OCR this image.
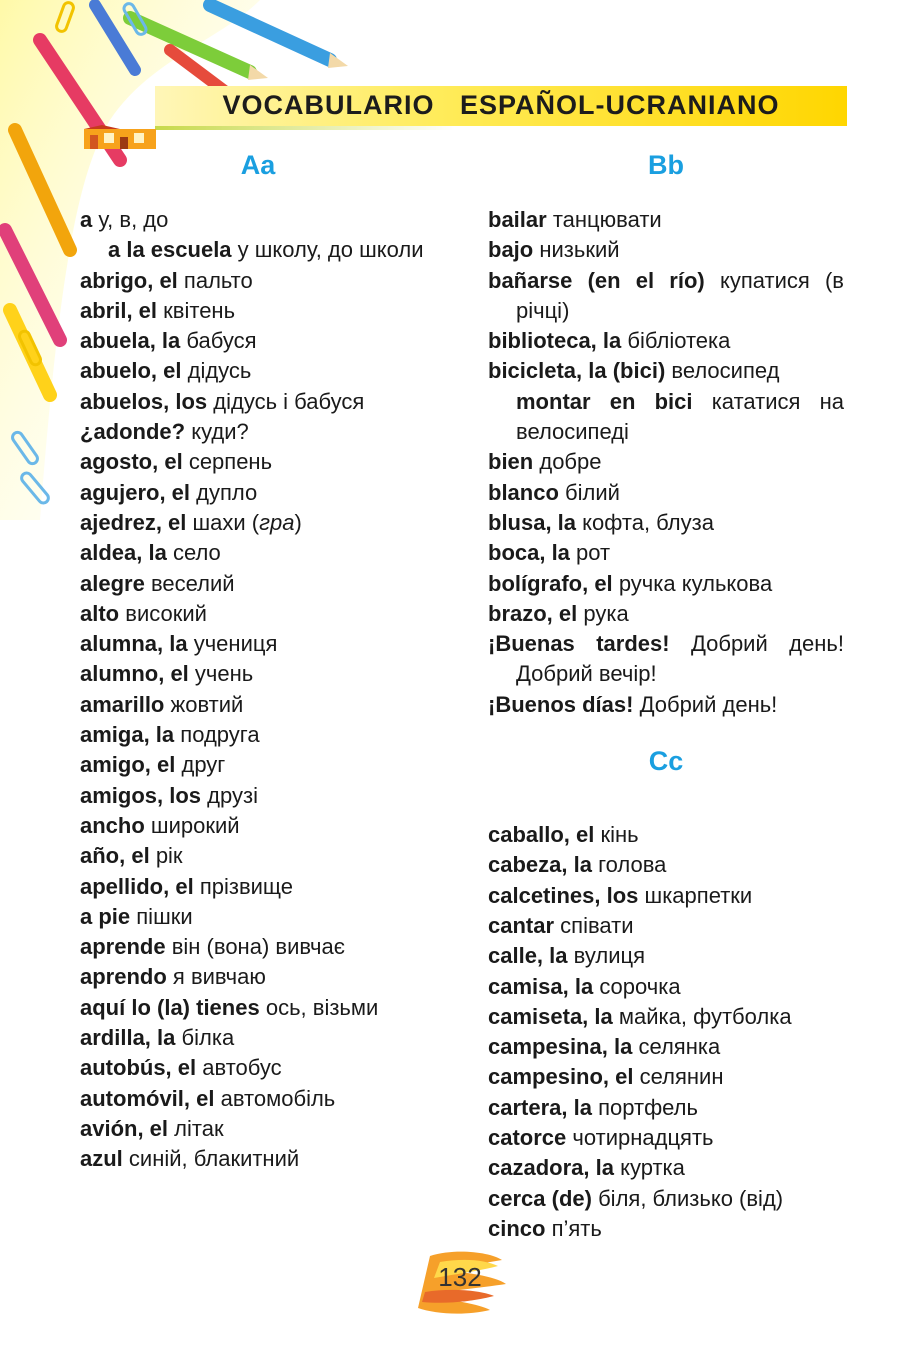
VOCABULARIO   ESPAÑOL-UCRANIANO
Aa	Bb
a у, в, до
a la escuela у школу, до школи
abrigo, el пальто
abril, el квітень
abuela, la бабуся
abuelo, el дідусь
abuelos, los дідусь і бабуся
¿adonde? куди?
agosto, el серпень
agujero, el дупло
ajedrez, el шахи (гра)
aldea, la село
alegre веселий
alto високий
alumna, la учениця
alumno, el учень
amarillo жовтий
amiga, la подруга
amigo, el друг
amigos, los друзі
ancho широкий
año, el рік
apellido, el прізвище
a pie пішки
aprende він (вона) вивчає
aprendo я вивчаю
aquí lo (la) tienes ось, візьми
ardilla, la білка
autobús, el автобус
automóvil, el автомобіль
avión, el літак
azul синій, блакитний
bailar танцювати
bajo низький
bañarse (en el río) купатися (в річці)
biblioteca, la бібліотека
bicicleta, la (bici) велосипед
montar en bici кататися на велосипеді
bien добре
blanco білий
blusa, la кофта, блуза
boca, la рот
bolígrafo, el ручка кулькова
brazo, el рука
¡Buenas tardes! Добрий день! Добрий вечір!
¡Buenos días! Добрий день!
Cc
caballo, el кінь
cabeza, la голова
calcetines, los шкарпетки
cantar співати
calle, la вулиця
camisa, la сорочка
camiseta, la майка, футболка
campesina, la селянка
campesino, el селянин
cartera, la портфель
catorce чотирнадцять
cazadora, la куртка
cerca (de) біля, близько (від)
cinco п’ять
132
